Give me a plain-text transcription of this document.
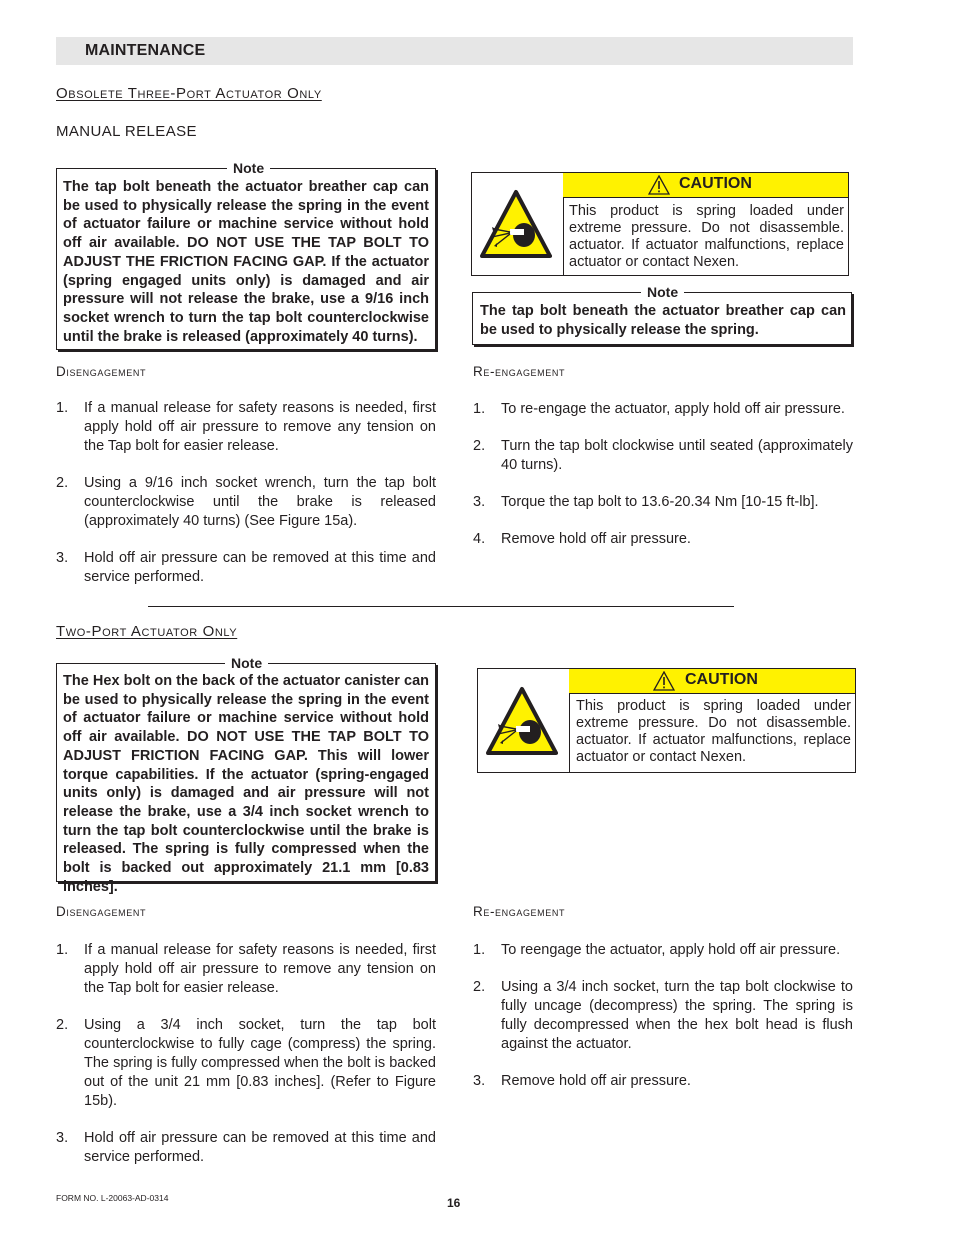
MAINTENANCE
Obsolete Three-Port Actuator Only
MANUAL RELEASE
Note
The tap bolt beneath the actuator breather cap can be used to physically release the spring in the event of actuator failure or machine service without hold off air available. DO NOT USE THE TAP BOLT TO ADJUST THE FRICTION FACING GAP. If the actuator (spring engaged units only) is damaged and air pressure will not release the brake, use a 9/16 inch socket wrench to turn the tap bolt counterclockwise until the brake is released (approximately 40 turns).
CAUTION
This product is spring loaded under extreme pressure. Do not disassemble. actuator. If actuator malfunctions, replace actuator or contact Nexen.
Note
The tap bolt beneath the actuator breather cap can be used to physically release the spring.
Disengagement
1. If a manual release for safety reasons is needed, first apply hold off air pressure to remove any tension on the Tap bolt for easier release.
2. Using a 9/16 inch socket wrench, turn the tap bolt counterclockwise until the brake is released (approximately 40 turns) (See Figure 15a).
3. Hold off air pressure can be removed at this time and service performed.
Re-engagement
1. To re-engage the actuator, apply hold off air pressure.
2. Turn the tap bolt clockwise until seated (approximately 40 turns).
3. Torque the tap bolt to 13.6-20.34 Nm [10-15 ft-lb].
4. Remove hold off air pressure.
Two-Port Actuator Only
Note
The Hex bolt on the back of the actuator canister can be used to physically release the spring in the event of actuator failure or machine service without hold off air available. DO NOT USE THE TAP BOLT TO ADJUST FRICTION FACING GAP. This will lower torque capabilities. If the actuator (spring-engaged units only) is damaged and air pressure will not release the brake, use a 3/4 inch socket wrench to turn the tap bolt counterclockwise until the brake is released. The spring is fully compressed when the bolt is backed out approximately 21.1 mm [0.83 inches].
CAUTION
This product is spring loaded under extreme pressure. Do not disassemble. actuator. If actuator malfunctions, replace actuator or contact Nexen.
Disengagement
1. If a manual release for safety reasons is needed, first apply hold off air pressure to remove any tension on the Tap bolt for easier release.
2. Using a 3/4 inch socket, turn the tap bolt counterclockwise to fully cage (compress) the spring. The spring is fully compressed when the bolt is backed out of the unit 21 mm [0.83 inches]. (Refer to Figure 15b).
3. Hold off air pressure can be removed at this time and service performed.
Re-engagement
1. To reengage the actuator, apply hold off air pressure.
2. Using a 3/4 inch socket, turn the tap bolt clockwise to fully uncage (decompress) the spring. The spring is fully decompressed when the hex bolt head is flush against the actuator.
3. Remove hold off air pressure.
FORM NO. L-20063-AD-0314	16
